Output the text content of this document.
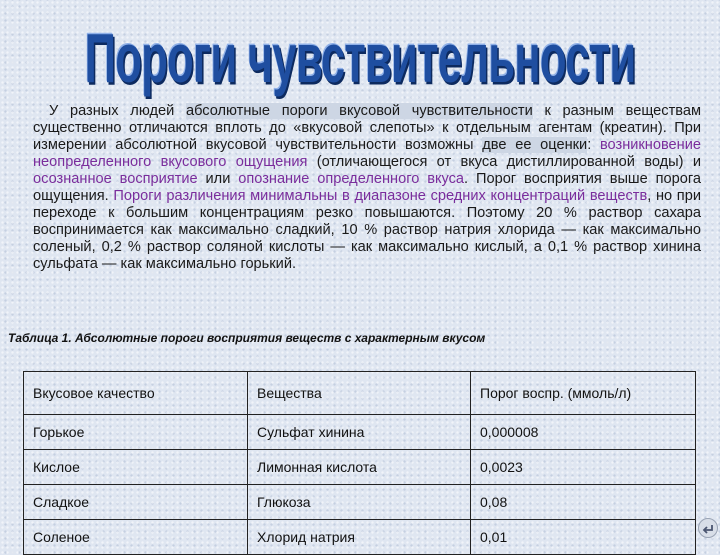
Пороги чувствительности

У разных людей абсолютные пороги вкусовой чувствительности к разным веществам существенно отличаются вплоть до «вкусовой слепоты» к отдельным агентам (креатин). При измерении абсолютной вкусовой чувствительности возможны две ее оценки: возникновение неопределенного вкусового ощущения (отличающегося от вкуса дистиллированной воды) и осознанное восприятие или опознание определенного вкуса. Порог восприятия выше порога ощущения. Пороги различения минимальны в диапазоне средних концентраций веществ, но при переходе к большим концентрациям резко повышаются. Поэтому 20 % раствор сахара воспринимается как максимально сладкий, 10 % раствор натрия хлорида — как максимально соленый, 0,2 % раствор соляной кислоты — как максимально кислый, а 0,1 % раствор хинина сульфата — как максимально горький.

Таблица 1. Абсолютные пороги восприятия веществ с характерным вкусом

Вкусовое качество	Вещества	Порог воспр. (ммоль/л)
Горькое	Сульфат хинина	0,000008
Кислое	Лимонная кислота	0,0023
Сладкое	Глюкоза	0,08
Соленое	Хлорид натрия	0,01
